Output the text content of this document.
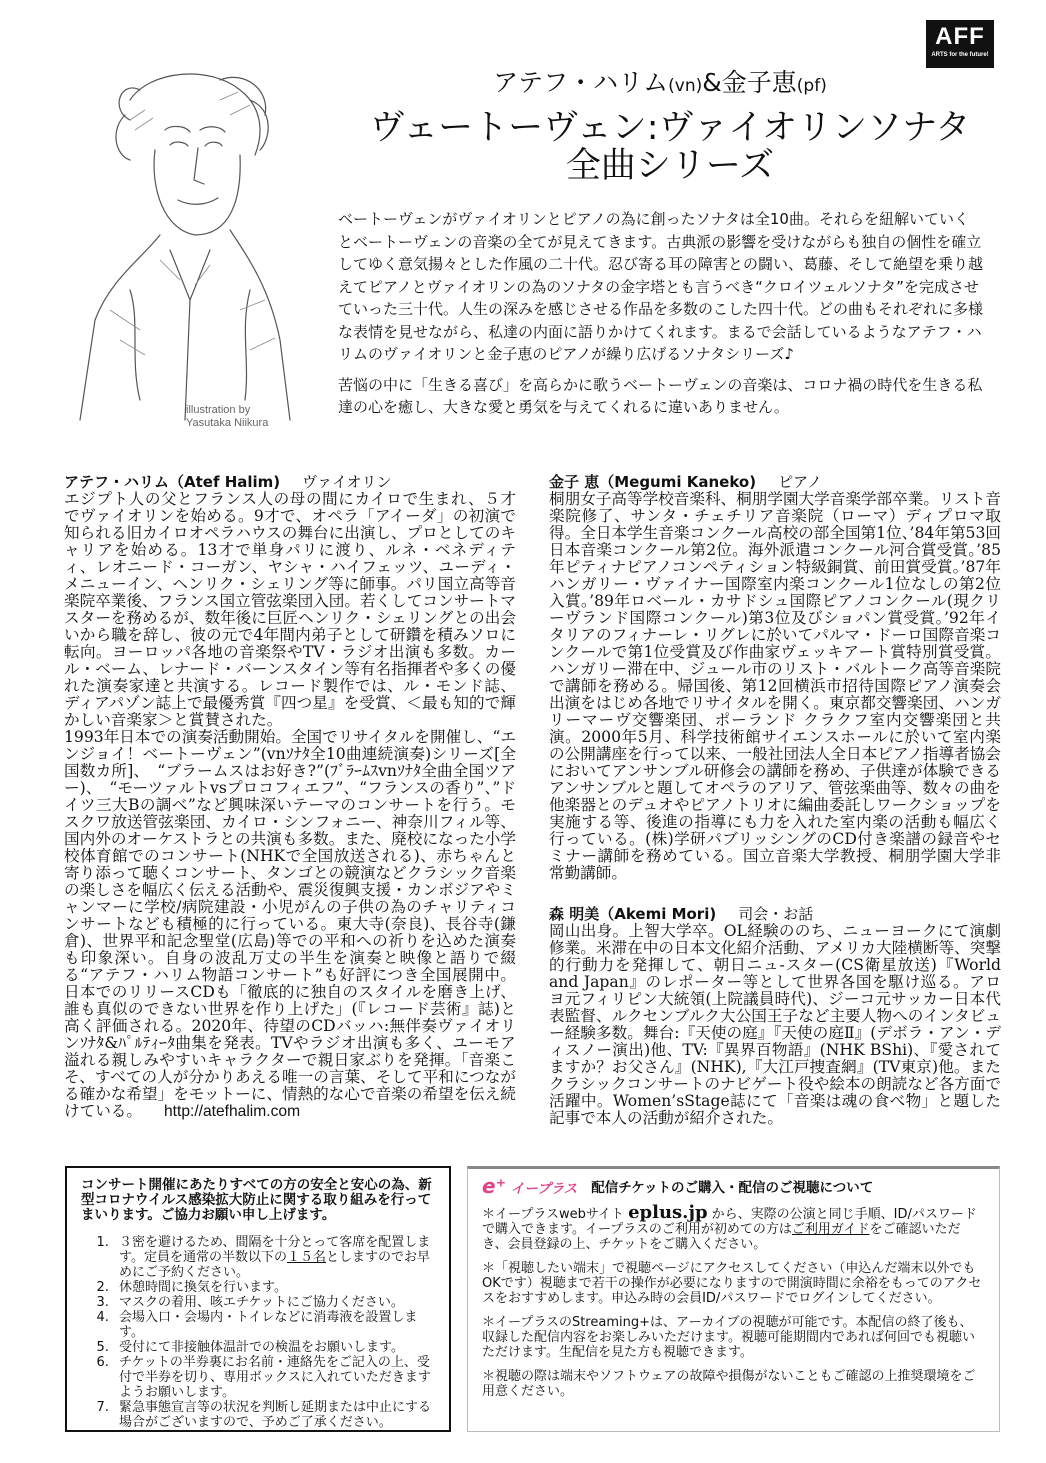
AFF
ARTS for the future!
illustration by
Yasutaka Niikura
アテフ・ハリム(vn)&金子恵(pf)
ヴェートーヴェン:ヴァイオリンソナタ
全曲シリーズ

ベートーヴェンがヴァイオリンとピアノの為に創ったソナタは全10曲。それらを紐解いていくとベートーヴェンの音楽の全てが見えてきます。古典派の影響を受けながらも独自の個性を確立してゆく意気揚々とした作風の二十代。忍び寄る耳の障害との闘い、葛藤、そして絶望を乗り越えてピアノとヴァイオリンの為のソナタの金字塔とも言うべき“クロイツェルソナタ”を完成させていった三十代。人生の深みを感じさせる作品を多数のこした四十代。どの曲もそれぞれに多様な表情を見せながら、私達の内面に語りかけてくれます。まるで会話しているようなアテフ・ハリムのヴァイオリンと金子恵のピアノが繰り広げるソナタシリーズ♪

苦悩の中に「生きる喜び」を高らかに歌うベートーヴェンの音楽は、コロナ禍の時代を生きる私達の心を癒し、大きな愛と勇気を与えてくれるに違いありません。

アテフ・ハリム（Atef Halim) ヴァイオリン

エジプト人の父とフランス人の母の間にカイロで生まれ、５才でヴァイオリンを始める。9才で、オペラ「アイーダ」の初演で知られる旧カイロオペラハウスの舞台に出演し、プロとしてのキャリアを始める。13才で単身パリに渡り、ルネ・ベネディティ、レオニード・コーガン、ヤシャ・ハイフェッツ、ユーディ・メニューイン、ヘンリク・シェリング等に師事。パリ国立高等音楽院卒業後、フランス国立管弦楽団入団。若くしてコンサートマスターを務めるが、数年後に巨匠ヘンリク・シェリングとの出会いから職を辞し、彼の元で4年間内弟子として研鑽を積みソロに転向。ヨーロッパ各地の音楽祭やTV・ラジオ出演も多数。カール・ベーム、レナード・バーンスタイン等有名指揮者や多くの優れた演奏家達と共演する。レコード製作では、ル・モンド誌、ディアパゾン誌上で最優秀賞『四つ星』を受賞、＜最も知的で輝かしい音楽家＞と賞賛された。

1993年日本での演奏活動開始。全国でリサイタルを開催し、“エンジョイ！ベートーヴェン”(vnｿﾅﾀ全10曲連続演奏)シリーズ[全国数カ所]、　“ブラームスはお好き?”(ﾌﾞﾗｰﾑｽvnｿﾅﾀ全曲全国ツアー)、　“モーツァルトvsプロコフィエフ”、“フランスの香り”、”ドイツ三大Bの調べ”など興味深いテーマのコンサートを行う。モスクワ放送管弦楽団、カイロ・シンフォニー、神奈川フィル等、国内外のオーケストラとの共演も多数。また、廃校になった小学校体育館でのコンサート(NHKで全国放送される)、赤ちゃんと寄り添って聴くコンサート、タンゴとの競演などクラシック音楽の楽しさを幅広く伝える活動や、震災復興支援・カンボジアやミャンマーに学校/病院建設・小児がんの子供の為のチャリティコンサートなども積極的に行っている。東大寺(奈良)、長谷寺(鎌倉)、世界平和記念聖堂(広島)等での平和への祈りを込めた演奏も印象深い。自身の波乱万丈の半生を演奏と映像と語りで綴る“アテフ・ハリム物語コンサート”も好評につき全国展開中。日本でのリリースCDも「徹底的に独自のスタイルを磨き上げ、誰も真似のできない世界を作り上げた」(『レコード芸術』誌)と高く評価される。2020年、待望のCDバッハ:無伴奏ヴァイオリンｿﾅﾀ&ﾊﾟﾙﾃｨｰﾀ曲集を発表。TVやラジオ出演も多く、ユーモア溢れる親しみやすいキャラクターで親日家ぶりを発揮。「音楽こそ、すべての人が分かりあえる唯一の言葉、そして平和につながる確かな希望」をモットーに、情熱的な心で音楽の希望を伝え続けている。 http://atefhalim.com

金子 恵（Megumi Kaneko) ピアノ

桐朋女子高等学校音楽科、桐朋学園大学音楽学部卒業。リスト音楽院修了、サンタ・チェチリア音楽院（ローマ）ディプロマ取得。全日本学生音楽コンクール高校の部全国第1位、’84年第53回日本音楽コンクール第2位。海外派遣コンクール河合賞受賞。’85年ピティナピアノコンペティション特級銅賞、前田賞受賞。’87年ハンガリー・ヴァイナー国際室内楽コンクール1位なしの第2位入賞。’89年ロベール・カサドシュ国際ピアノコンクール(現クリーヴランド国際コンクール)第3位及びショパン賞受賞。’92年イタリアのフィナーレ・リグレに於いてパルマ・ドーロ国際音楽コンクールで第1位受賞及び作曲家ヴェッキアート賞特別賞受賞。ハンガリー滞在中、ジュール市のリスト・バルトーク高等音楽院で講師を務める。帰国後、第12回横浜市招待国際ピアノ演奏会出演をはじめ各地でリサイタルを開く。東京都交響楽団、ハンガリーマーヴ交響楽団、ポーランド クラクフ室内交響楽団と共演。2000年5月、科学技術館サイエンスホールに於いて室内楽の公開講座を行って以来、一般社団法人全日本ピアノ指導者協会においてアンサンブル研修会の講師を務め、子供達が体験できるアンサンブルと題してオペラのアリア、管弦楽曲等、数々の曲を他楽器とのデュオやピアノトリオに編曲委託しワークショップを実施する等、後進の指導にも力を入れた室内楽の活動も幅広く行っている。(株)学研パブリッシングのCD付き楽譜の録音やセミナー講師を務めている。国立音楽大学教授、桐朋学園大学非常勤講師。

森 明美（Akemi Mori) 司会・お話

岡山出身。上智大学卒。OL経験ののち、ニューヨークにて演劇修業。米滞在中の日本文化紹介活動、アメリカ大陸横断等、突撃的行動力を発揮して、朝日ニュ-スター(CS衛星放送)『World and Japan』のレポーター等として世界各国を駆け巡る。アロヨ元フィリピン大統領(上院議員時代)、ジーコ元サッカー日本代表監督、ルクセンブルク大公国王子など主要人物へのインタビュー経験多数。舞台:『天使の庭』『天使の庭Ⅱ』(デボラ・アン・ディスノー演出)他、TV:『異界百物語』(NHK BShi)、『愛されてますか？お父さん』(NHK),『大江戸捜査網』(TV東京)他。またクラシックコンサートのナビゲート役や絵本の朗読など各方面で活躍中。Women’sStage誌にて「音楽は魂の食べ物」と題した記事で本人の活動が紹介された。

コンサート開催にあたりすべての方の安全と安心の為、新型コロナウイルス感染拡大防止に関する取り組みを行ってまいります。ご協力お願い申し上げます。
1. ３密を避けるため、間隔を十分とって客席を配置します。定員を通常の半数以下の１５名としますのでお早めにご予約ください。
2. 休憩時間に換気を行います。
3. マスクの着用、咳エチケットにご協力ください。
4. 会場入口・会場内・トイレなどに消毒液を設置します。
5. 受付にて非接触体温計での検温をお願いします。
6. チケットの半券裏にお名前・連絡先をご記入の上、受付で半券を切り、専用ボックスに入れていただきますようお願いします。
7. 緊急事態宣言等の状況を判断し延期または中止にする場合がございますので、予めご了承ください。
e⁺ イープラス 配信チケットのご購入・配信のご視聴について

＊イープラスwebサイト eplus.jp から、実際の公演と同じ手順、ID/パスワードで購入できます。イープラスのご利用が初めての方はご利用ガイドをご確認いただき、会員登録の上、チケットをご購入ください。

＊「視聴したい端末」で視聴ページにアクセスしてください（申込んだ端末以外でもOKです）視聴まで若干の操作が必要になりますので開演時間に余裕をもってのアクセスをおすすめします。申込み時の会員ID/パスワードでログインしてください。

＊イープラスのStreaming+は、アーカイブの視聴が可能です。本配信の終了後も、収録した配信内容をお楽しみいただけます。視聴可能期間内であれば何回でも視聴いただけます。生配信を見た方も視聴できます。

＊視聴の際は端末やソフトウェアの故障や損傷がないこともご確認の上推奨環境をご用意ください。
